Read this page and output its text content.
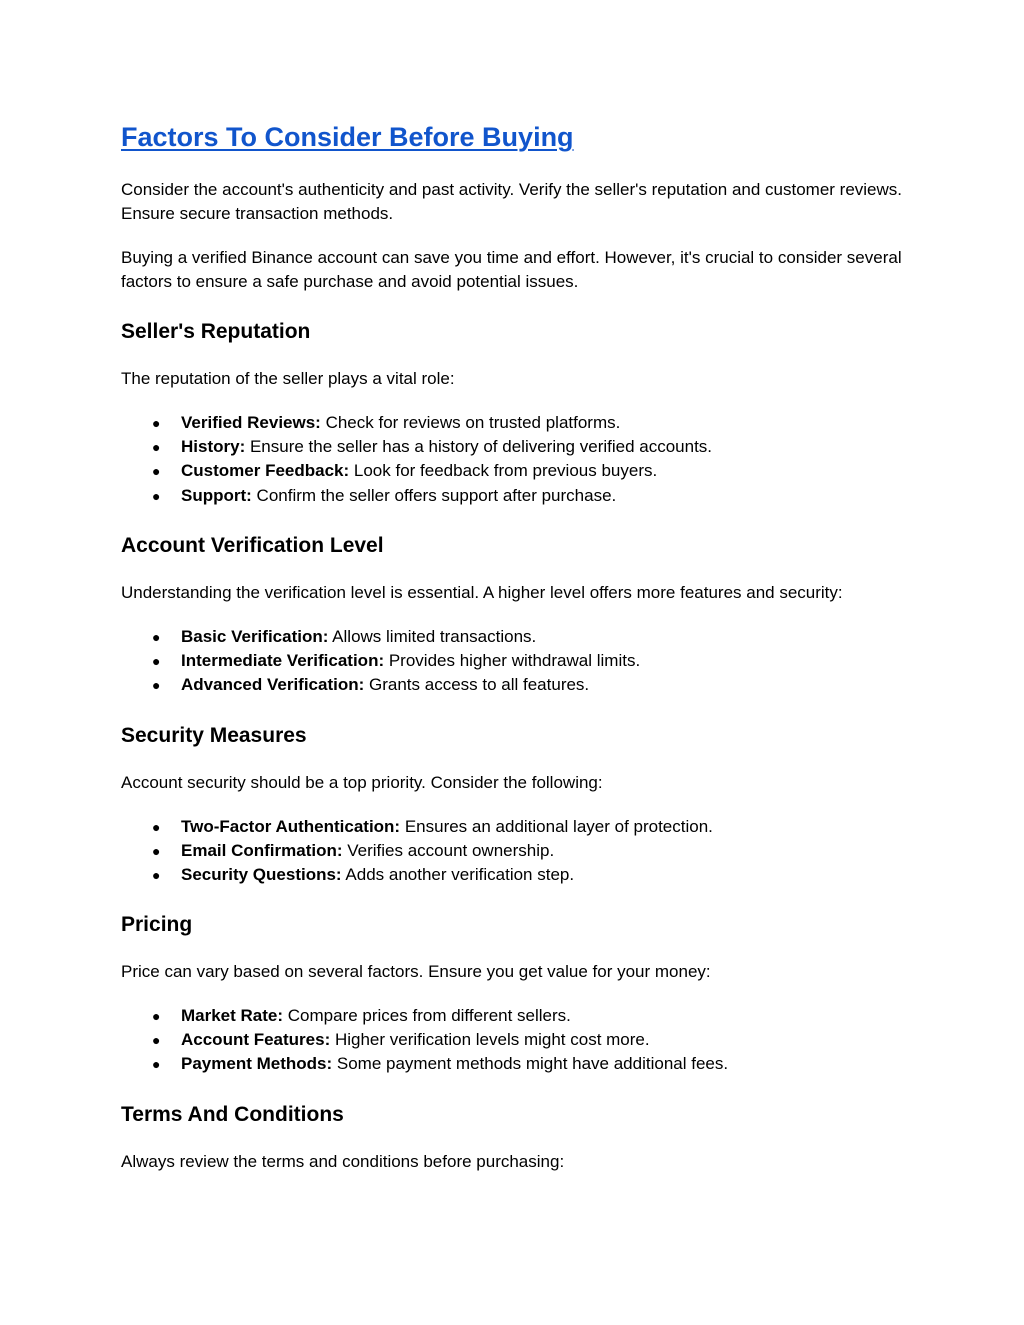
Factors To Consider Before Buying

Consider the account's authenticity and past activity. Verify the seller's reputation and customer reviews. Ensure secure transaction methods.

Buying a verified Binance account can save you time and effort. However, it's crucial to consider several factors to ensure a safe purchase and avoid potential issues.

Seller's Reputation

The reputation of the seller plays a vital role:

● Verified Reviews: Check for reviews on trusted platforms.
● History: Ensure the seller has a history of delivering verified accounts.
● Customer Feedback: Look for feedback from previous buyers.
● Support: Confirm the seller offers support after purchase.
Account Verification Level

Understanding the verification level is essential. A higher level offers more features and security:

● Basic Verification: Allows limited transactions.
● Intermediate Verification: Provides higher withdrawal limits.
● Advanced Verification: Grants access to all features.
Security Measures

Account security should be a top priority. Consider the following:

● Two-Factor Authentication: Ensures an additional layer of protection.
● Email Confirmation: Verifies account ownership.
● Security Questions: Adds another verification step.
Pricing

Price can vary based on several factors. Ensure you get value for your money:

● Market Rate: Compare prices from different sellers.
● Account Features: Higher verification levels might cost more.
● Payment Methods: Some payment methods might have additional fees.
Terms And Conditions

Always review the terms and conditions before purchasing:
